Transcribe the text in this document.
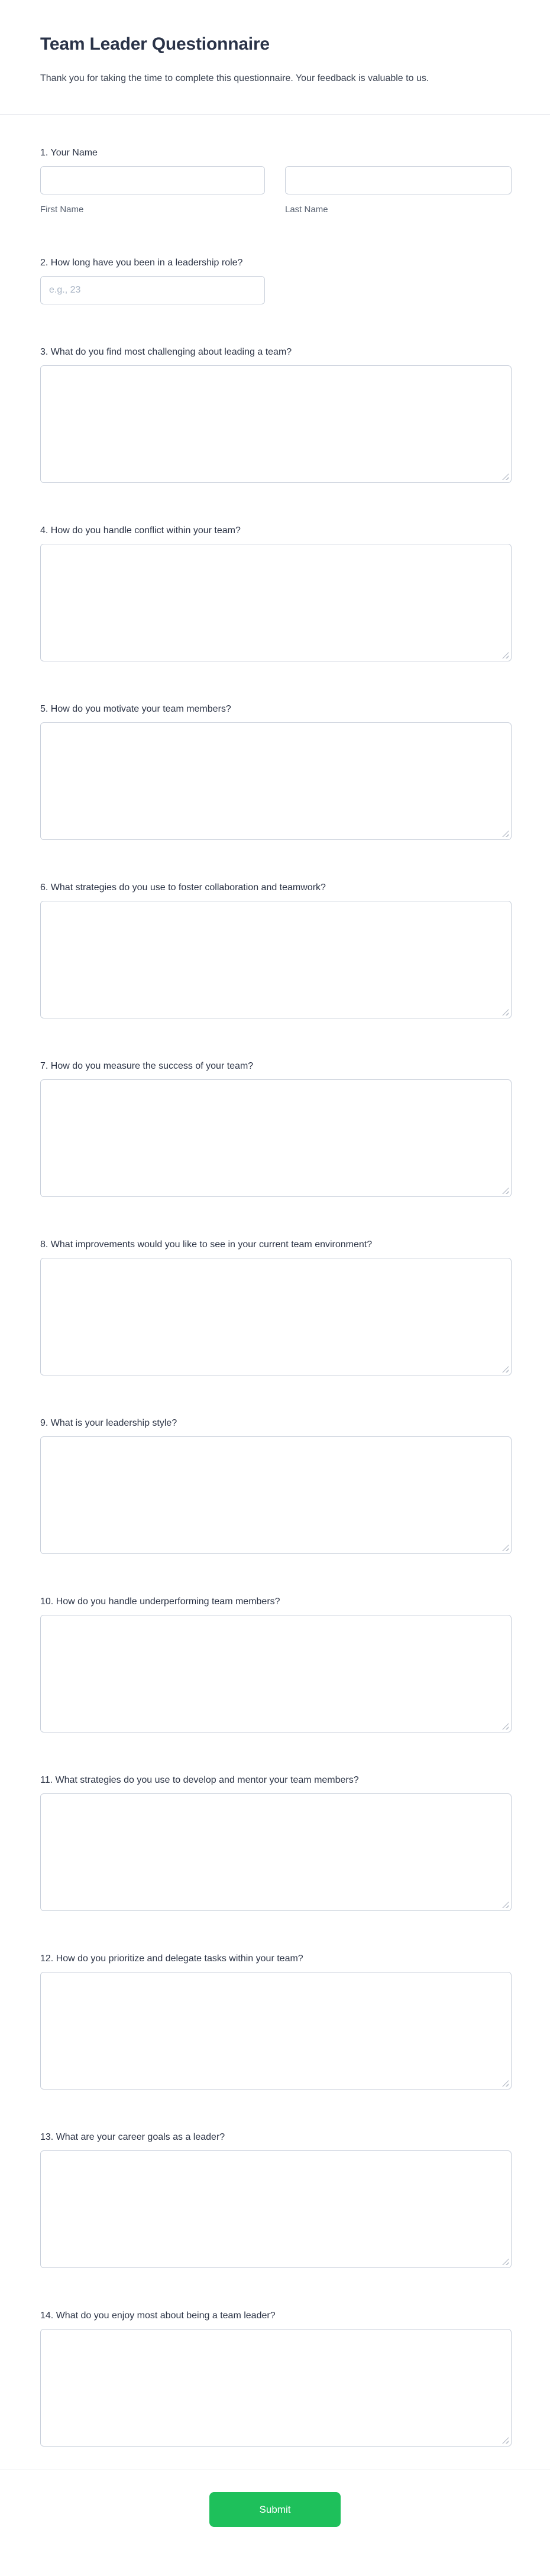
Team Leader Questionnaire

Thank you for taking the time to complete this questionnaire. Your feedback is valuable to us.

1. Your Name
First Name	Last Name
2. How long have you been in a leadership role?
e.g., 23
3. What do you find most challenging about leading a team?
4. How do you handle conflict within your team?
5. How do you motivate your team members?
6. What strategies do you use to foster collaboration and teamwork?
7. How do you measure the success of your team?
8. What improvements would you like to see in your current team environment?
9. What is your leadership style?
10. How do you handle underperforming team members?
11. What strategies do you use to develop and mentor your team members?
12. How do you prioritize and delegate tasks within your team?
13. What are your career goals as a leader?
14. What do you enjoy most about being a team leader?
Submit
